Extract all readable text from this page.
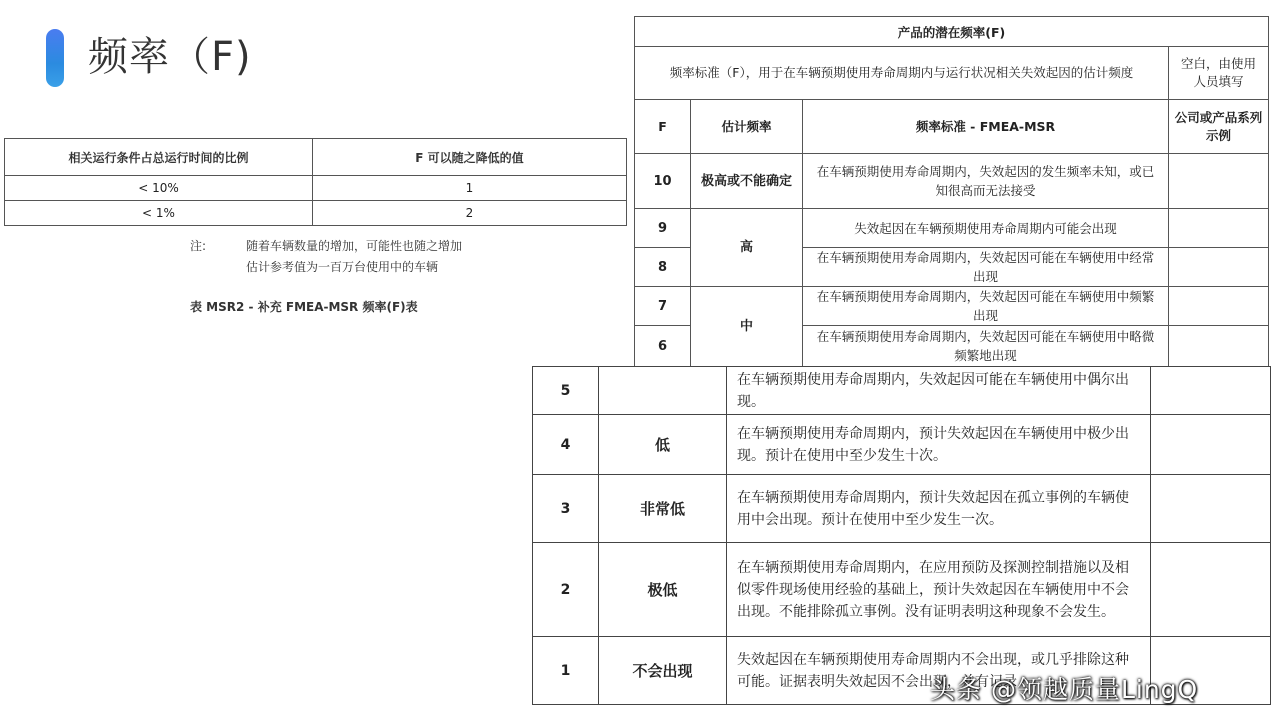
频率（F)
相关运行条件占总运行时间的比例	F 可以随之降低的值
< 10%	1
< 1%	2
注:	随着车辆数量的增加，可能性也随之增加
估计参考值为一百万台使用中的车辆
表 MSR2 - 补充 FMEA-MSR 频率(F)表
产品的潜在频率(F)			
频率标准（F），用于在车辆预期使用寿命周期内与运行状况相关失效起因的估计频度			空白，由使用人员填写
F	估计频率	频率标准 - FMEA-MSR	公司或产品系列示例
10	极高或不能确定	在车辆预期使用寿命周期内，失效起因的发生频率未知，或已知很高而无法接受	
9	高	失效起因在车辆预期使用寿命周期内可能会出现	
8		在车辆预期使用寿命周期内，失效起因可能在车辆使用中经常出现	
7	中	在车辆预期使用寿命周期内，失效起因可能在车辆使用中频繁出现	
6		在车辆预期使用寿命周期内，失效起因可能在车辆使用中略微频繁地出现	
5		在车辆预期使用寿命周期内，失效起因可能在车辆使用中偶尔出现。	
4	低	在车辆预期使用寿命周期内，预计失效起因在车辆使用中极少出现。预计在使用中至少发生十次。	
3	非常低	在车辆预期使用寿命周期内，预计失效起因在孤立事例的车辆使用中会出现。预计在使用中至少发生一次。	
2	极低	在车辆预期使用寿命周期内，在应用预防及探测控制措施以及相似零件现场使用经验的基础上，预计失效起因在车辆使用中不会出现。不能排除孤立事例。没有证明表明这种现象不会发生。	
1	不会出现	失效起因在车辆预期使用寿命周期内不会出现，或几乎排除这种可能。证据表明失效起因不会出现，并有记录	
头条 @领越质量LingQ
